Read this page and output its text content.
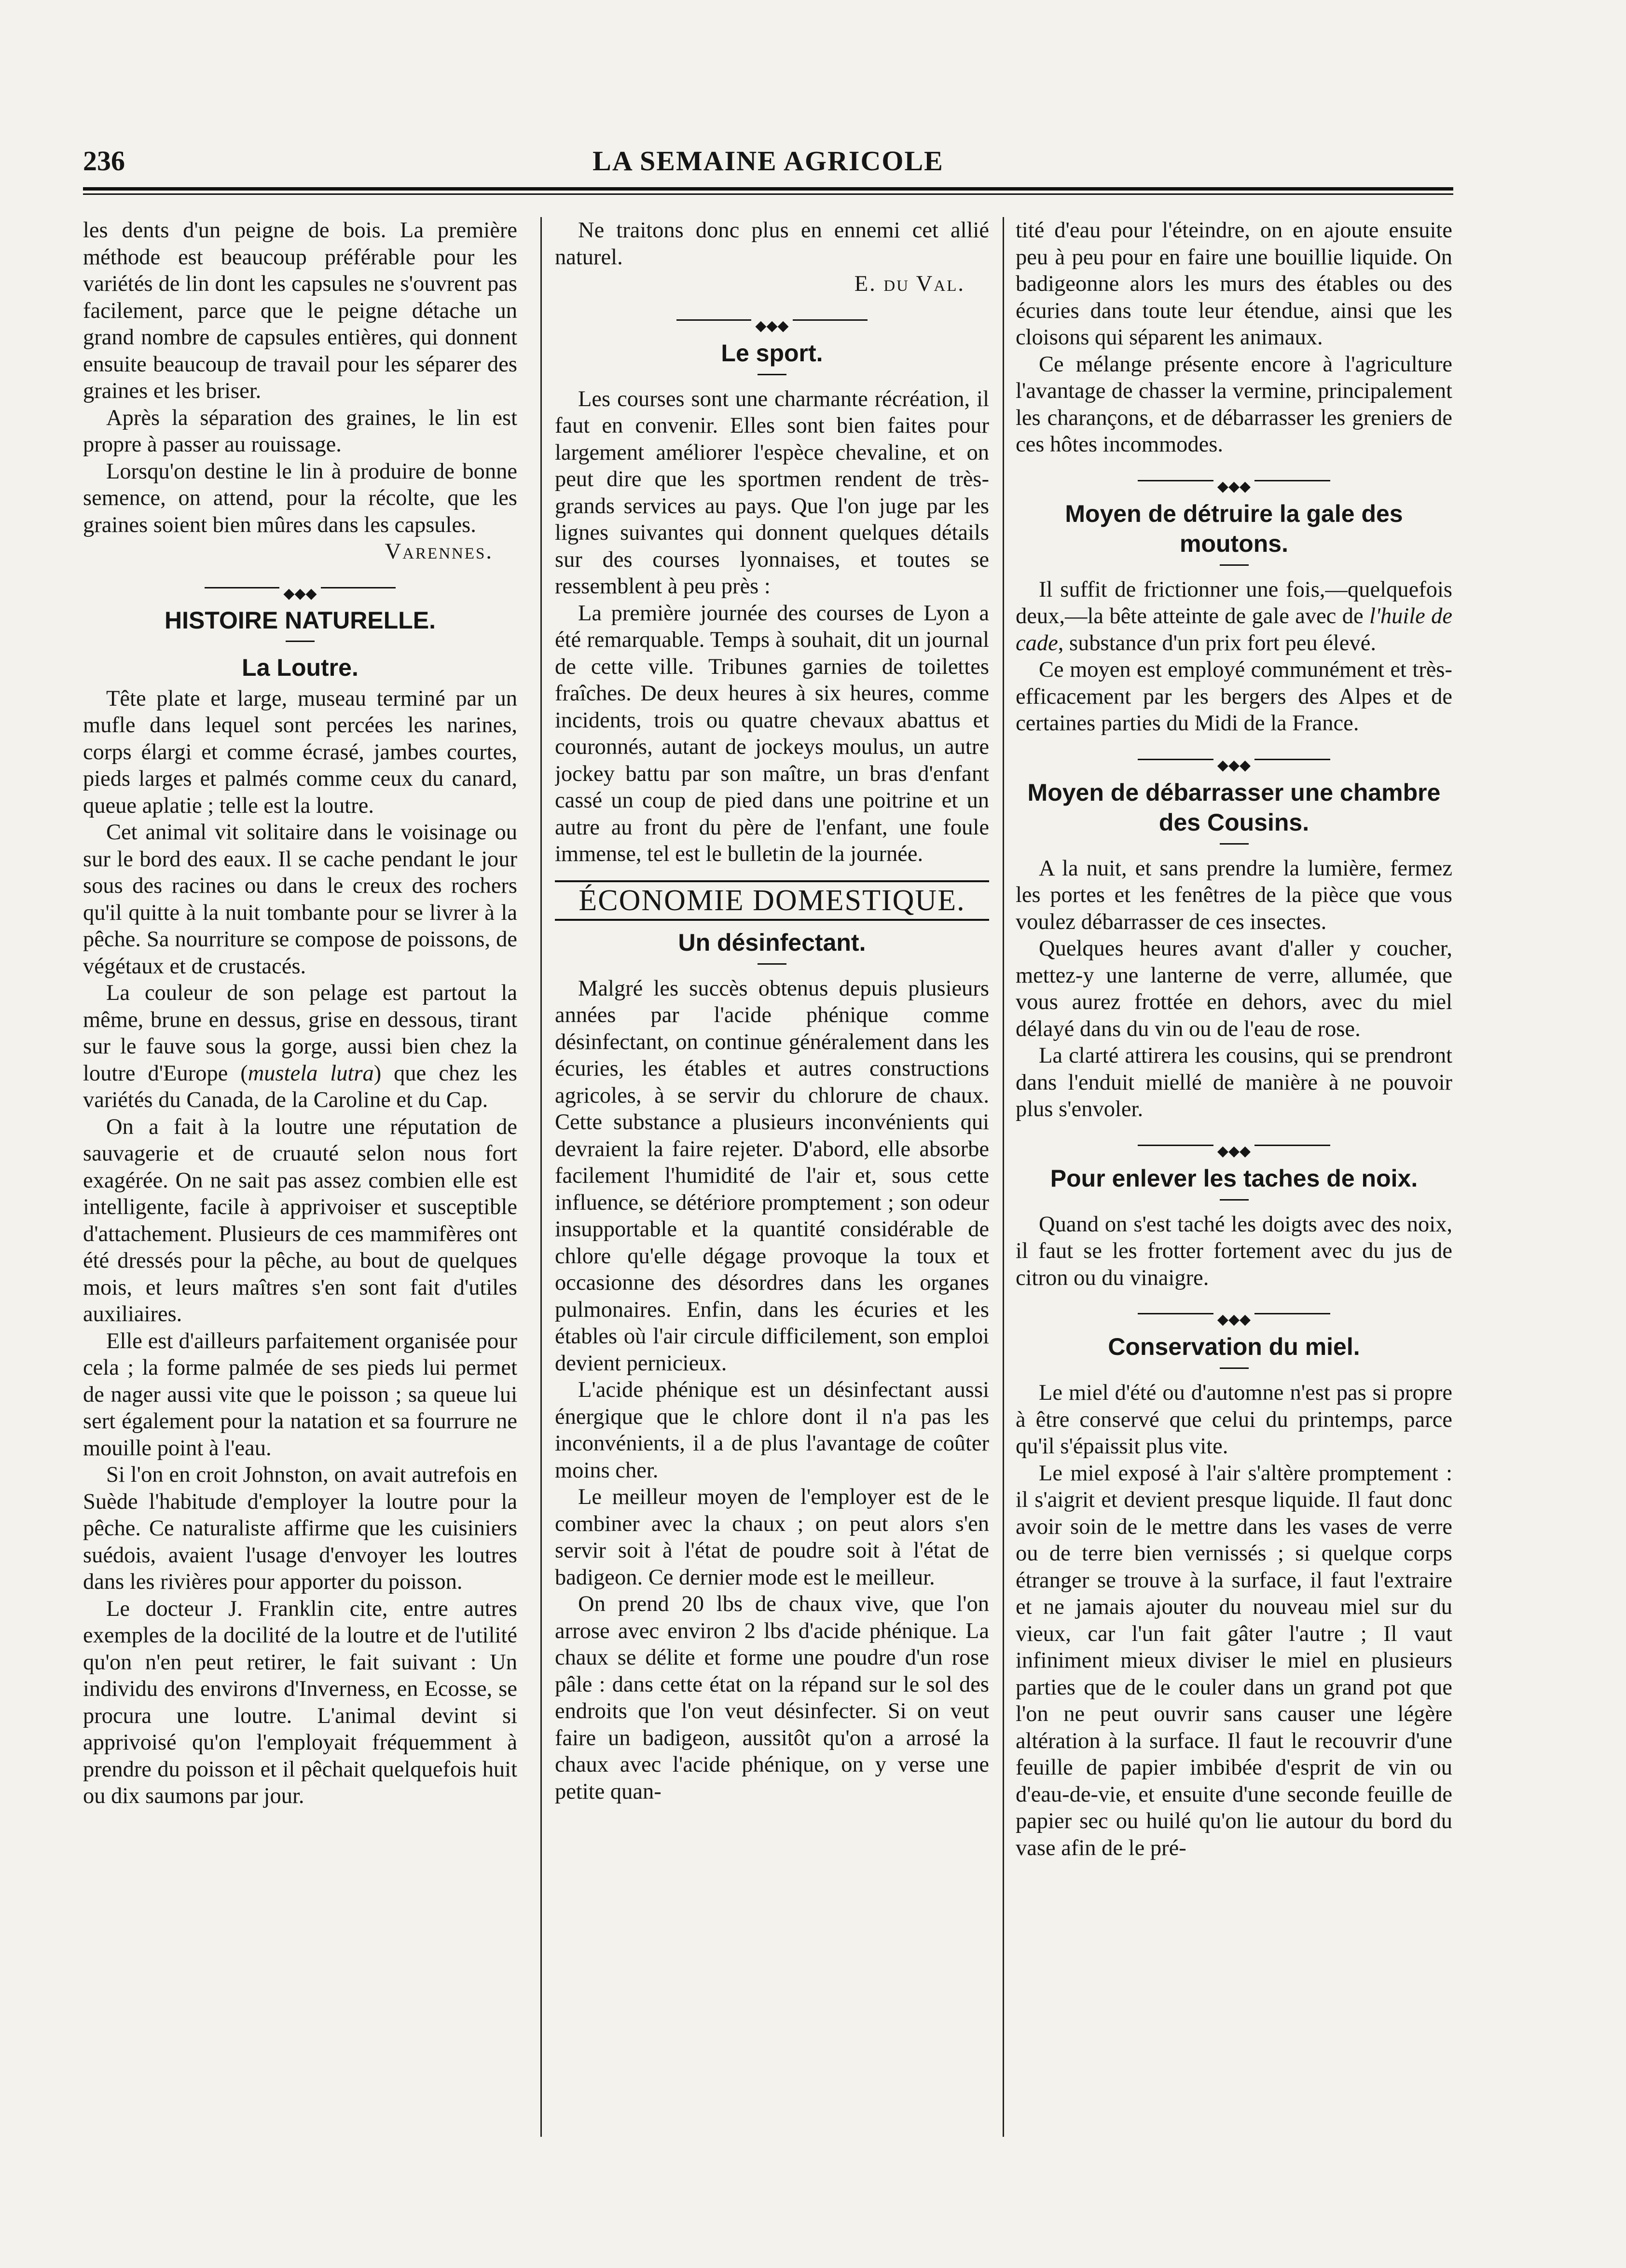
236	LA SEMAINE AGRICOLE

les dents d'un peigne de bois. La première méthode est beaucoup préférable pour les variétés de lin dont les capsules ne s'ouvrent pas facilement, parce que le peigne détache un grand nombre de capsules entières, qui donnent ensuite beaucoup de travail pour les séparer des graines et les briser.

Après la séparation des graines, le lin est propre à passer au rouissage.

Lorsqu'on destine le lin à produire de bonne semence, on attend, pour la récolte, que les graines soient bien mûres dans les capsules.

Varennes.

◆◆◆
HISTOIRE NATURELLE.
La Loutre.

Tête plate et large, museau terminé par un mufle dans lequel sont percées les narines, corps élargi et comme écrasé, jambes courtes, pieds larges et palmés comme ceux du canard, queue aplatie ; telle est la loutre.

Cet animal vit solitaire dans le voisinage ou sur le bord des eaux. Il se cache pendant le jour sous des racines ou dans le creux des rochers qu'il quitte à la nuit tombante pour se livrer à la pêche. Sa nourriture se compose de poissons, de végétaux et de crustacés.

La couleur de son pelage est partout la même, brune en dessus, grise en dessous, tirant sur le fauve sous la gorge, aussi bien chez la loutre d'Europe (mustela lutra) que chez les variétés du Canada, de la Caroline et du Cap.

On a fait à la loutre une réputation de sauvagerie et de cruauté selon nous fort exagérée. On ne sait pas assez combien elle est intelligente, facile à apprivoiser et susceptible d'attachement. Plusieurs de ces mammifères ont été dressés pour la pêche, au bout de quelques mois, et leurs maîtres s'en sont fait d'utiles auxiliaires.

Elle est d'ailleurs parfaitement organisée pour cela ; la forme palmée de ses pieds lui permet de nager aussi vite que le poisson ; sa queue lui sert également pour la natation et sa fourrure ne mouille point à l'eau.

Si l'on en croit Johnston, on avait autrefois en Suède l'habitude d'employer la loutre pour la pêche. Ce naturaliste affirme que les cuisiniers suédois, avaient l'usage d'envoyer les loutres dans les rivières pour apporter du poisson.

Le docteur J. Franklin cite, entre autres exemples de la docilité de la loutre et de l'utilité qu'on n'en peut retirer, le fait suivant : Un individu des environs d'Inverness, en Ecosse, se procura une loutre. L'animal devint si apprivoisé qu'on l'employait fréquemment à prendre du poisson et il pêchait quelquefois huit ou dix saumons par jour.

Ne traitons donc plus en ennemi cet allié naturel.

E. du Val.

◆◆◆
Le sport.

Les courses sont une charmante récréation, il faut en convenir. Elles sont bien faites pour largement améliorer l'espèce chevaline, et on peut dire que les sportmen rendent de très-grands services au pays. Que l'on juge par les lignes suivantes qui donnent quelques détails sur des courses lyonnaises, et toutes se ressemblent à peu près :

La première journée des courses de Lyon a été remarquable. Temps à souhait, dit un journal de cette ville. Tribunes garnies de toilettes fraîches. De deux heures à six heures, comme incidents, trois ou quatre chevaux abattus et couronnés, autant de jockeys moulus, un autre jockey battu par son maître, un bras d'enfant cassé un coup de pied dans une poitrine et un autre au front du père de l'enfant, une foule immense, tel est le bulletin de la journée.

ÉCONOMIE DOMESTIQUE.
Un désinfectant.

Malgré les succès obtenus depuis plusieurs années par l'acide phénique comme désinfectant, on continue généralement dans les écuries, les étables et autres constructions agricoles, à se servir du chlorure de chaux. Cette substance a plusieurs inconvénients qui devraient la faire rejeter. D'abord, elle absorbe facilement l'humidité de l'air et, sous cette influence, se détériore promptement ; son odeur insupportable et la quantité considérable de chlore qu'elle dégage provoque la toux et occasionne des désordres dans les organes pulmonaires. Enfin, dans les écuries et les étables où l'air circule difficilement, son emploi devient pernicieux.

L'acide phénique est un désinfectant aussi énergique que le chlore dont il n'a pas les inconvénients, il a de plus l'avantage de coûter moins cher.

Le meilleur moyen de l'employer est de le combiner avec la chaux ; on peut alors s'en servir soit à l'état de poudre soit à l'état de badigeon. Ce dernier mode est le meilleur.

On prend 20 lbs de chaux vive, que l'on arrose avec environ 2 lbs d'acide phénique. La chaux se délite et forme une poudre d'un rose pâle : dans cette état on la répand sur le sol des endroits que l'on veut désinfecter. Si on veut faire un badigeon, aussitôt qu'on a arrosé la chaux avec l'acide phénique, on y verse une petite quan-

tité d'eau pour l'éteindre, on en ajoute ensuite peu à peu pour en faire une bouillie liquide. On badigeonne alors les murs des étables ou des écuries dans toute leur étendue, ainsi que les cloisons qui séparent les animaux.

Ce mélange présente encore à l'agriculture l'avantage de chasser la vermine, principalement les charançons, et de débarrasser les greniers de ces hôtes incommodes.

◆◆◆
Moyen de détruire la gale des moutons.

Il suffit de frictionner une fois,—quelquefois deux,—la bête atteinte de gale avec de l'huile de cade, substance d'un prix fort peu élevé.

Ce moyen est employé communément et très-efficacement par les bergers des Alpes et de certaines parties du Midi de la France.

◆◆◆
Moyen de débarrasser une chambre des Cousins.

A la nuit, et sans prendre la lumière, fermez les portes et les fenêtres de la pièce que vous voulez débarrasser de ces insectes.

Quelques heures avant d'aller y coucher, mettez-y une lanterne de verre, allumée, que vous aurez frottée en dehors, avec du miel délayé dans du vin ou de l'eau de rose.

La clarté attirera les cousins, qui se prendront dans l'enduit miellé de manière à ne pouvoir plus s'envoler.

◆◆◆
Pour enlever les taches de noix.

Quand on s'est taché les doigts avec des noix, il faut se les frotter fortement avec du jus de citron ou du vinaigre.

◆◆◆
Conservation du miel.

Le miel d'été ou d'automne n'est pas si propre à être conservé que celui du printemps, parce qu'il s'épaissit plus vite.

Le miel exposé à l'air s'altère promptement : il s'aigrit et devient presque liquide. Il faut donc avoir soin de le mettre dans les vases de verre ou de terre bien vernissés ; si quelque corps étranger se trouve à la surface, il faut l'extraire et ne jamais ajouter du nouveau miel sur du vieux, car l'un fait gâter l'autre ; Il vaut infiniment mieux diviser le miel en plusieurs parties que de le couler dans un grand pot que l'on ne peut ouvrir sans causer une légère altération à la surface. Il faut le recouvrir d'une feuille de papier imbibée d'esprit de vin ou d'eau-de-vie, et ensuite d'une seconde feuille de papier sec ou huilé qu'on lie autour du bord du vase afin de le pré-
